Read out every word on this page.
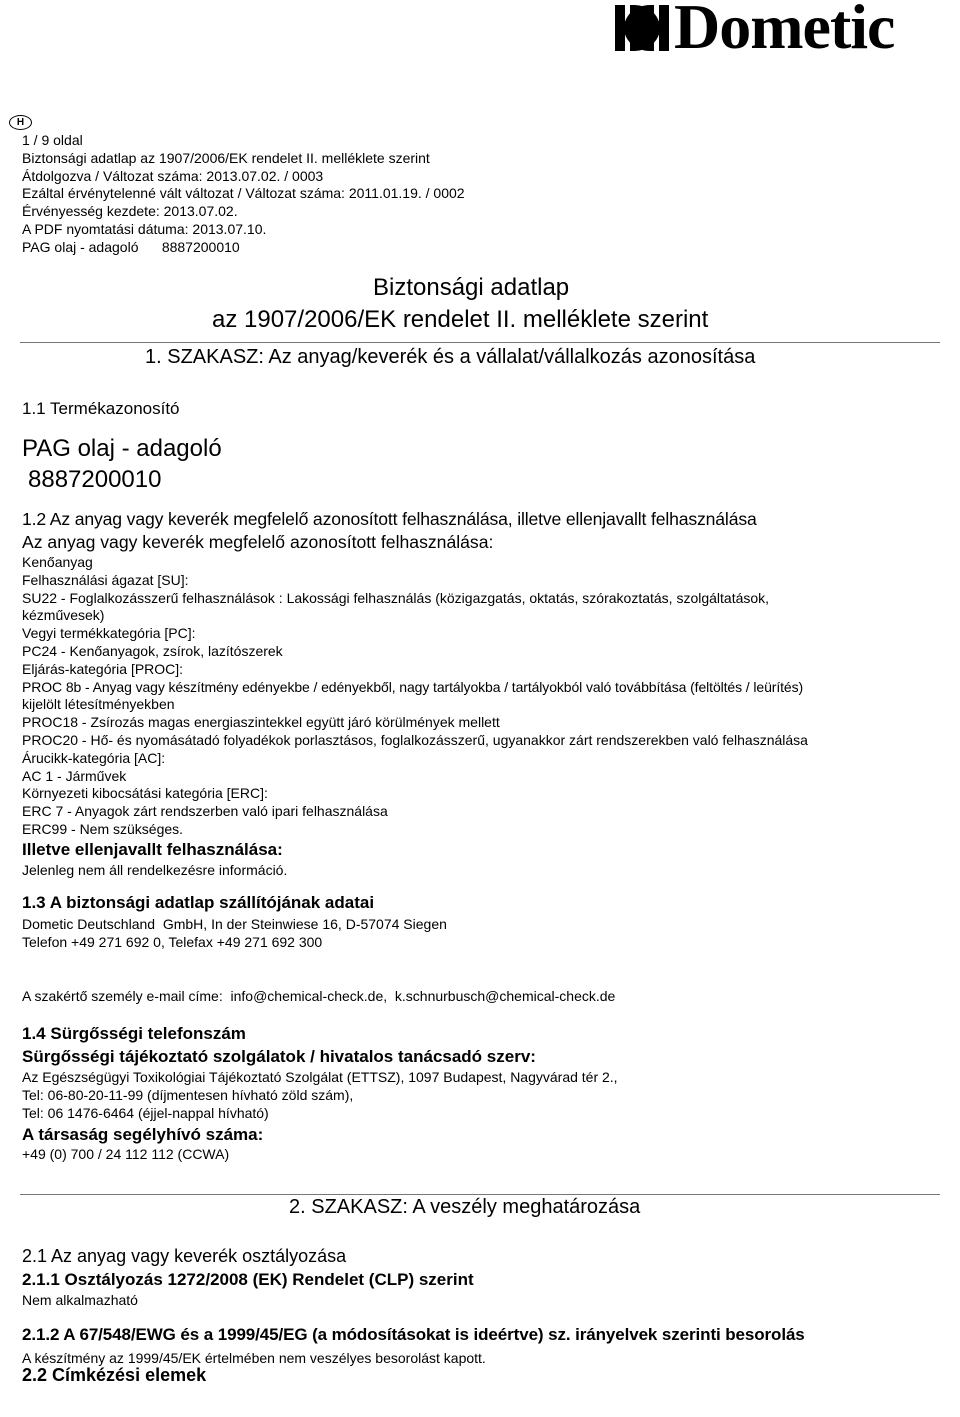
Dometic
H
1 / 9 oldal
Biztonsági adatlap az 1907/2006/EK rendelet II. melléklete szerint
Átdolgozva / Változat száma: 2013.07.02. / 0003
Ezáltal érvénytelenné vált változat / Változat száma: 2011.01.19. / 0002
Érvényesség kezdete: 2013.07.02.
A PDF nyomtatási dátuma: 2013.07.10.
PAG olaj - adagoló      8887200010
Biztonsági adatlap
az 1907/2006/EK rendelet II. melléklete szerint
1. SZAKASZ: Az anyag/keverék és a vállalat/vállalkozás azonosítása
1.1 Termékazonosító
PAG olaj - adagoló
8887200010
1.2 Az anyag vagy keverék megfelelő azonosított felhasználása, illetve ellenjavallt felhasználása
Az anyag vagy keverék megfelelő azonosított felhasználása:
Kenőanyag
Felhasználási ágazat [SU]:
SU22 - Foglalkozásszerű felhasználások : Lakossági felhasználás (közigazgatás, oktatás, szórakoztatás, szolgáltatások,
kézművesek)
Vegyi termékkategória [PC]:
PC24 - Kenőanyagok, zsírok, lazítószerek
Eljárás-kategória [PROC]:
PROC 8b - Anyag vagy készítmény edényekbe / edényekből, nagy tartályokba / tartályokból való továbbítása (feltöltés / leürítés)
kijelölt létesítményekben
PROC18 - Zsírozás magas energiaszintekkel együtt járó körülmények mellett
PROC20 - Hő- és nyomásátadó folyadékok porlasztásos, foglalkozásszerű, ugyanakkor zárt rendszerekben való felhasználása
Árucikk-kategória [AC]:
AC 1 - Járművek
Környezeti kibocsátási kategória [ERC]:
ERC 7 - Anyagok zárt rendszerben való ipari felhasználása
ERC99 - Nem szükséges.
Illetve ellenjavallt felhasználása:
Jelenleg nem áll rendelkezésre információ.
1.3 A biztonsági adatlap szállítójának adatai
Dometic Deutschland  GmbH, In der Steinwiese 16, D-57074 Siegen
Telefon +49 271 692 0, Telefax +49 271 692 300
A szakértő személy e-mail címe:  info@chemical-check.de,  k.schnurbusch@chemical-check.de
1.4 Sürgősségi telefonszám
Sürgősségi tájékoztató szolgálatok / hivatalos tanácsadó szerv:
Az Egészségügyi Toxikológiai Tájékoztató Szolgálat (ETTSZ), 1097 Budapest, Nagyvárad tér 2.,
Tel: 06-80-20-11-99 (díjmentesen hívható zöld szám),
Tel: 06 1476-6464 (éjjel-nappal hívható)
A társaság segélyhívó száma:
+49 (0) 700 / 24 112 112 (CCWA)
2. SZAKASZ: A veszély meghatározása
2.1 Az anyag vagy keverék osztályozása
2.1.1 Osztályozás 1272/2008 (EK) Rendelet (CLP) szerint
Nem alkalmazható
2.1.2 A 67/548/EWG és a 1999/45/EG (a módosításokat is ideértve) sz. irányelvek szerinti besorolás
A készítmény az 1999/45/EK értelmében nem veszélyes besorolást kapott.
2.2 Címkézési elemek
